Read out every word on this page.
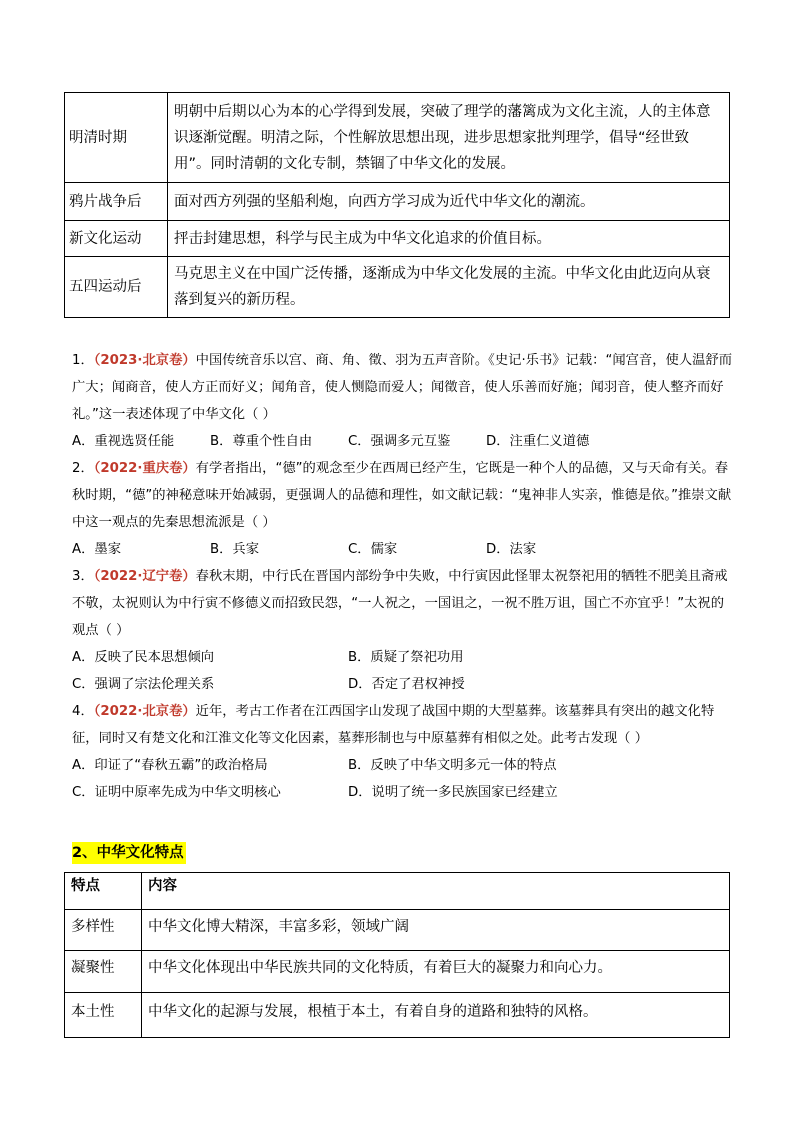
明清时期	明朝中后期以心为本的心学得到发展，突破了理学的藩篱成为文化主流，人的主体意识逐渐觉醒。明清之际，个性解放思想出现，进步思想家批判理学，倡导“经世致用”。同时清朝的文化专制，禁锢了中华文化的发展。
鸦片战争后	面对西方列强的坚船利炮，向西方学习成为近代中华文化的潮流。
新文化运动	抨击封建思想，科学与民主成为中华文化追求的价值目标。
五四运动后	马克思主义在中国广泛传播，逐渐成为中华文化发展的主流。中华文化由此迈向从衰落到复兴的新历程。

1．（2023·北京卷）中国传统音乐以宫、商、角、徵、羽为五声音阶。《史记·乐书》记载：“闻宫音，使人温舒而广大；闻商音，使人方正而好义；闻角音，使人恻隐而爱人；闻徵音，使人乐善而好施；闻羽音，使人整齐而好礼。”这一表述体现了中华文化（ ）

A．重视选贤任能	B．尊重个性自由	C．强调多元互鉴	D．注重仁义道德

2．（2022·重庆卷）有学者指出，“德”的观念至少在西周已经产生，它既是一种个人的品德，又与天命有关。春秋时期，“德”的神秘意味开始减弱，更强调人的品德和理性，如文献记载：“鬼神非人实亲，惟德是依。”推崇文献中这一观点的先秦思想流派是（ ）

A．墨家	B．兵家	C．儒家	D．法家

3．（2022·辽宁卷）春秋末期，中行氏在晋国内部纷争中失败，中行寅因此怪罪太祝祭祀用的牺牲不肥美且斋戒不敬，太祝则认为中行寅不修德义而招致民怨，“一人祝之，一国诅之，一祝不胜万诅，国亡不亦宜乎！”太祝的观点（ ）

A．反映了民本思想倾向	B．质疑了祭祀功用
C．强调了宗法伦理关系	D．否定了君权神授

4．（2022·北京卷）近年，考古工作者在江西国字山发现了战国中期的大型墓葬。该墓葬具有突出的越文化特征，同时又有楚文化和江淮文化等文化因素，墓葬形制也与中原墓葬有相似之处。此考古发现（ ）

A．印证了“春秋五霸”的政治格局	B．反映了中华文明多元一体的特点
C．证明中原率先成为中华文明核心	D．说明了统一多民族国家已经建立
2、中华文化特点
特点	内容
多样性	中华文化博大精深，丰富多彩，领域广阔
凝聚性	中华文化体现出中华民族共同的文化特质，有着巨大的凝聚力和向心力。
本土性	中华文化的起源与发展，根植于本土，有着自身的道路和独特的风格。
